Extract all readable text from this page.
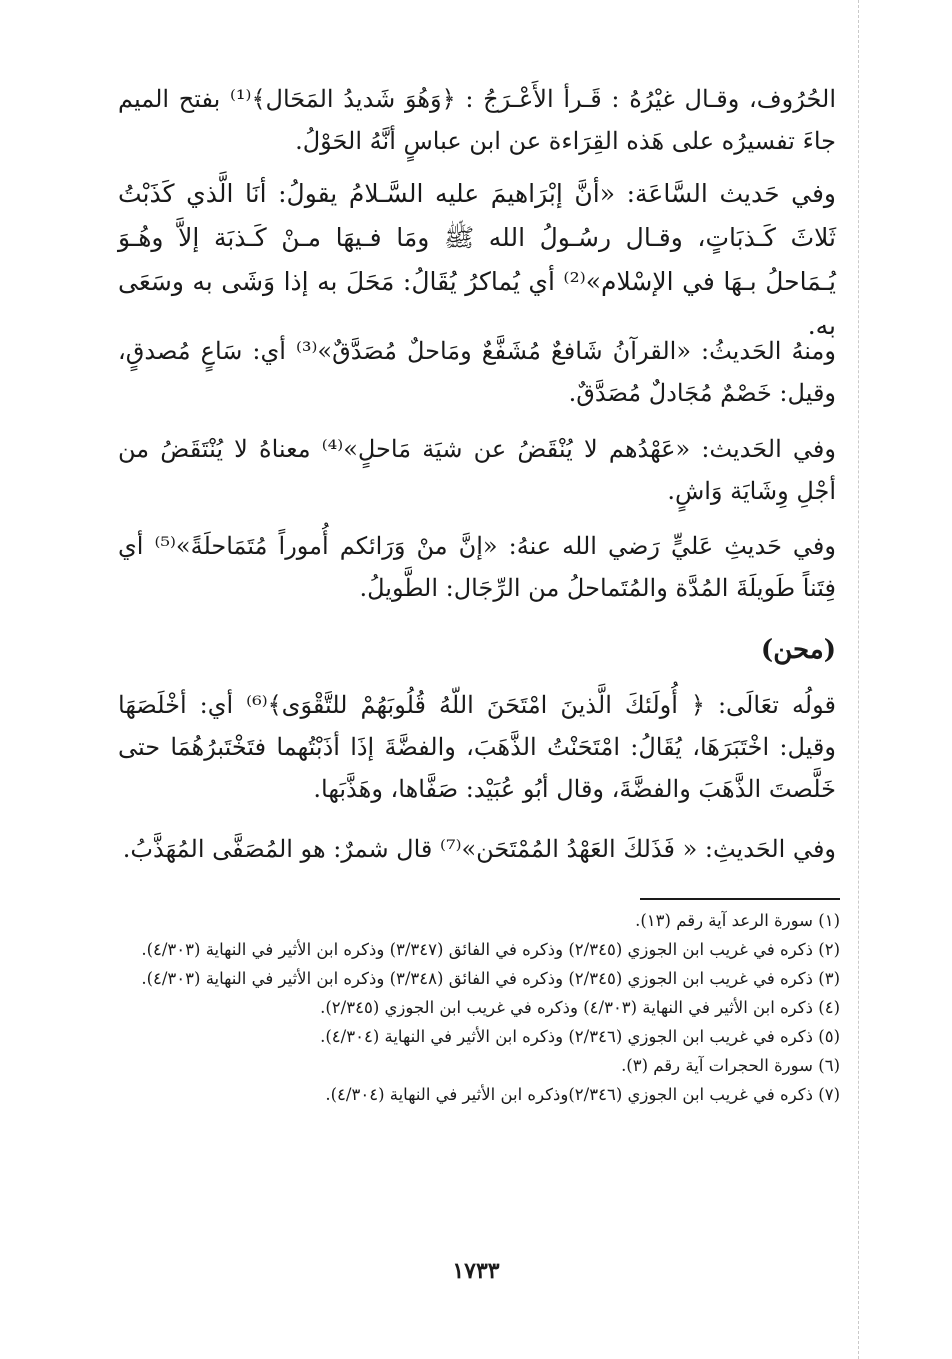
الحُرُوف، وقـال غيْرُهُ : قَـرأ الأَعْـرَجُ : ﴿وَهُوَ شَديدُ المَحَال﴾⁽¹⁾ بفتح الميم جاءَ تفسيرُه على هَذه القِرَاءة عن ابن عباسٍ أنَّهُ الحَوْلُ.

وفي حَديث السَّاعَة: «أنَّ إبْرَاهيمَ عليه السَّـلامُ يقولُ: أنَا الَّذي كَذَبْتُ ثَلاثَ كَـذبَاتٍ، وقـال رسُـولُ الله ﷺ ومَا فـيهَا مـنْ كَـذبَة إلاَّ وهُـوَ يُـمَاحلُ بـهَا في الإسْلام»⁽²⁾ أي يُماكرُ يُقَالُ: مَحَلَ به إذا وَشَى به وسَعَى به.

ومنهُ الحَديثُ: «القرآنُ شَافعٌ مُشَفَّعٌ ومَاحلٌ مُصَدَّقٌ»⁽³⁾ أي: سَاعٍ مُصدقٍ، وقيل: خَصْمٌ مُجَادلٌ مُصَدَّقٌ.

وفي الحَديث: «عَهْدُهم لا يُنْقَضُ عن شيَة مَاحلٍ»⁽⁴⁾ معناهُ لا يُنْتَقَضُ من أجْلِ وِشَايَة وَاشٍ.

وفي حَديثِ عَليٍّ رَضي الله عنهُ: «إنَّ منْ وَرَائكم أُموراً مُتَمَاحلَةً»⁽⁵⁾ أي فِتَناً طَويلَةَ المُدَّة والمُتَماحلُ من الرِّجَال: الطَّويلُ.

(محن)

قولُه تعَالَى: ﴿ أُولَئكَ الَّذينَ امْتَحَنَ اللّهُ قُلُوبَهُمْ للتَّقْوَى﴾⁽⁶⁾ أي: أخْلَصَهَا وقيل: اخْتَبَرَهَا، يُقَالُ: امْتَحَنْتُ الذَّهَبَ، والفضَّةَ إذَا أذَبْتُهما فتَخْتَبرُهُمَا حتى خَلَّصتَ الذَّهَبَ والفضَّةَ، وقال أبُو عُبَيْد: صَفَّاها، وهَذَّبَها.

وفي الحَديثِ: « فَذَلكَ العَهْدُ المُمْتَحَن»⁽⁷⁾ قال شمرٌ: هو المُصَفَّى المُهَذَّبُ.

(١) سورة الرعد آية رقم (١٣).

(٢) ذكره في غريب ابن الجوزي (٢/٣٤٥) وذكره في الفائق (٣/٣٤٧) وذكره ابن الأثير في النهاية (٤/٣٠٣).

(٣) ذكره في غريب ابن الجوزي (٢/٣٤٥) وذكره في الفائق (٣/٣٤٨) وذكره ابن الأثير في النهاية (٤/٣٠٣).

(٤) ذكره ابن الأثير في النهاية (٤/٣٠٣) وذكره في غريب ابن الجوزي (٢/٣٤٥).

(٥) ذكره في غريب ابن الجوزي (٢/٣٤٦) وذكره ابن الأثير في النهاية (٤/٣٠٤).

(٦) سورة الحجرات آية رقم (٣).

(٧) ذكره في غريب ابن الجوزي (٢/٣٤٦)وذكره ابن الأثير في النهاية (٤/٣٠٤).

١٧٣٣
